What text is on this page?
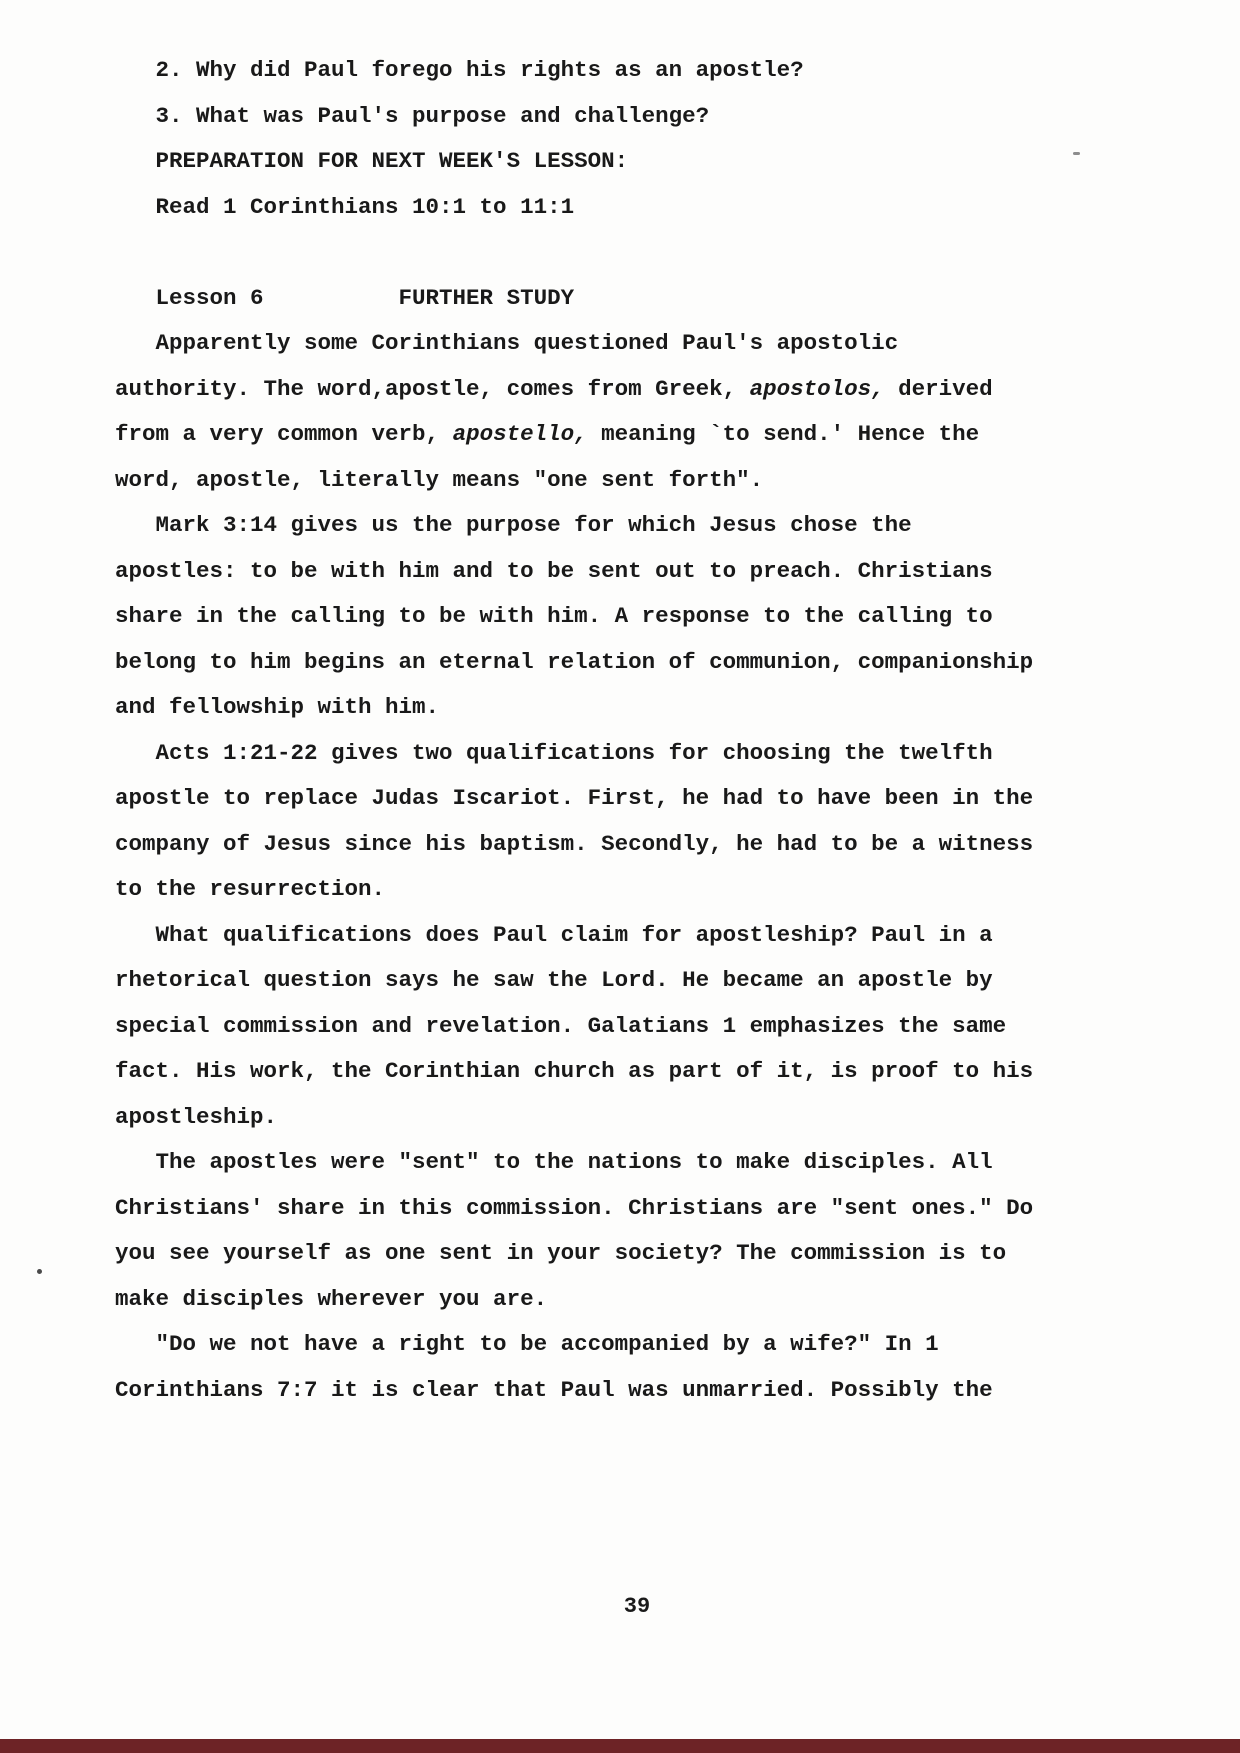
2. Why did Paul forego his rights as an apostle?
3. What was Paul's purpose and challenge?
PREPARATION FOR NEXT WEEK'S LESSON:
Read 1 Corinthians 10:1 to 11:1
Lesson 6          FURTHER STUDY
Apparently some Corinthians questioned Paul's apostolic
authority. The word,apostle, comes from Greek, apostolos, derived
from a very common verb, apostello, meaning `to send.' Hence the
word, apostle, literally means "one sent forth".
Mark 3:14 gives us the purpose for which Jesus chose the
apostles: to be with him and to be sent out to preach. Christians
share in the calling to be with him. A response to the calling to
belong to him begins an eternal relation of communion, companionship
and fellowship with him.
Acts 1:21-22 gives two qualifications for choosing the twelfth
apostle to replace Judas Iscariot. First, he had to have been in the
company of Jesus since his baptism. Secondly, he had to be a witness
to the resurrection.
What qualifications does Paul claim for apostleship? Paul in a
rhetorical question says he saw the Lord. He became an apostle by
special commission and revelation. Galatians 1 emphasizes the same
fact. His work, the Corinthian church as part of it, is proof to his
apostleship.
The apostles were "sent" to the nations to make disciples. All
Christians' share in this commission. Christians are "sent ones." Do
you see yourself as one sent in your society? The commission is to
make disciples wherever you are.
"Do we not have a right to be accompanied by a wife?" In 1
Corinthians 7:7 it is clear that Paul was unmarried. Possibly the
39
